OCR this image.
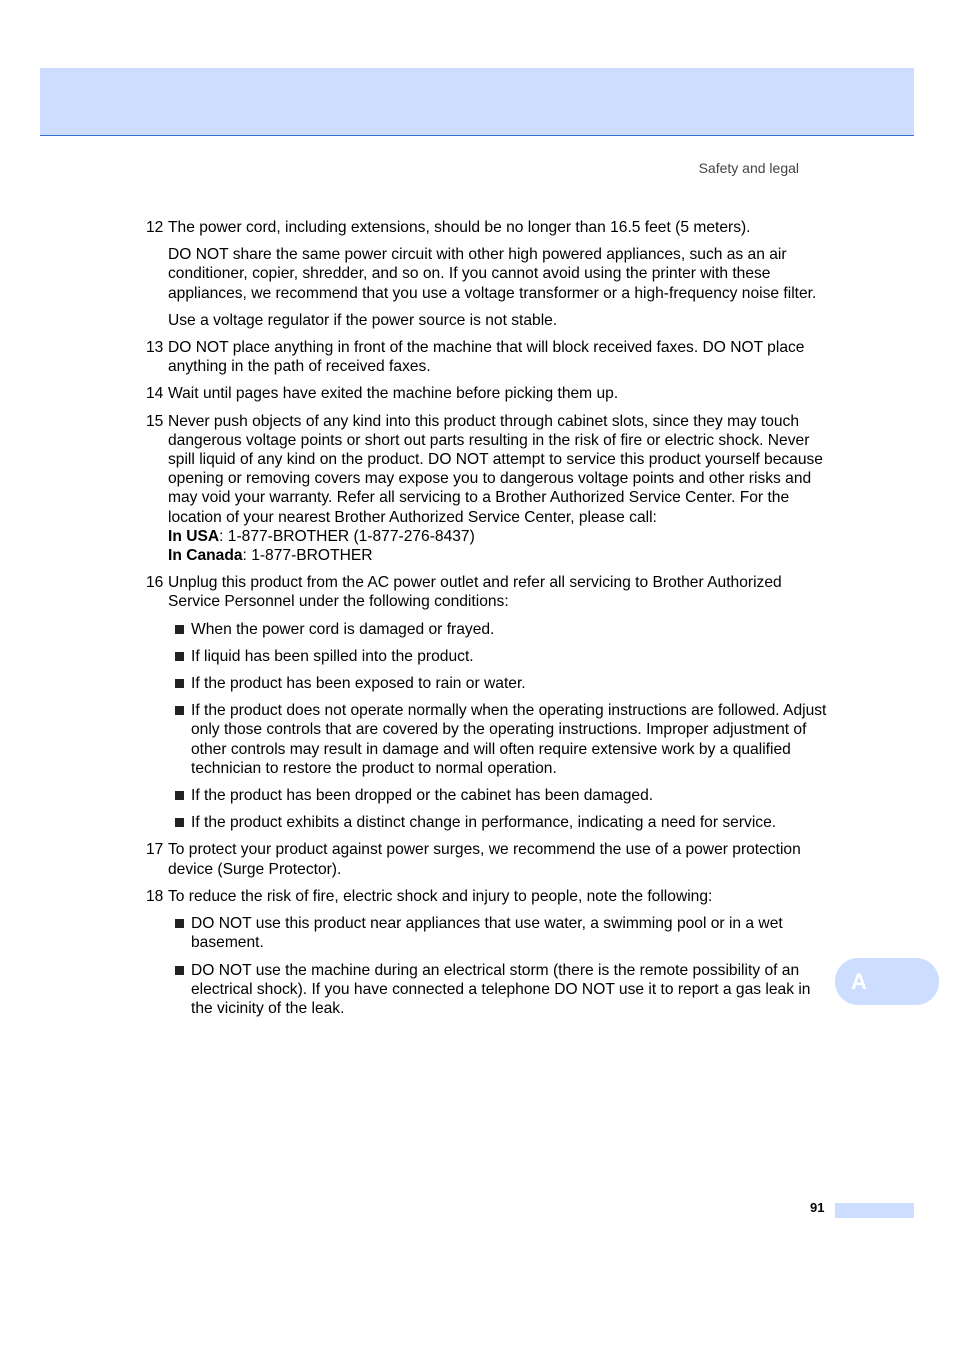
Safety and legal
12 The power cord, including extensions, should be no longer than 16.5 feet (5 meters).

DO NOT share the same power circuit with other high powered appliances, such as an air conditioner, copier, shredder, and so on. If you cannot avoid using the printer with these appliances, we recommend that you use a voltage transformer or a high-frequency noise filter.

Use a voltage regulator if the power source is not stable.

13 DO NOT place anything in front of the machine that will block received faxes. DO NOT place anything in the path of received faxes.

14 Wait until pages have exited the machine before picking them up.

15 Never push objects of any kind into this product through cabinet slots, since they may touch dangerous voltage points or short out parts resulting in the risk of fire or electric shock. Never spill liquid of any kind on the product. DO NOT attempt to service this product yourself because opening or removing covers may expose you to dangerous voltage points and other risks and may void your warranty. Refer all servicing to a Brother Authorized Service Center. For the location of your nearest Brother Authorized Service Center, please call:
In USA: 1-877-BROTHER (1-877-276-8437)
In Canada: 1-877-BROTHER

16 Unplug this product from the AC power outlet and refer all servicing to Brother Authorized Service Personnel under the following conditions:

When the power cord is damaged or frayed.
If liquid has been spilled into the product.
If the product has been exposed to rain or water.
If the product does not operate normally when the operating instructions are followed. Adjust only those controls that are covered by the operating instructions. Improper adjustment of other controls may result in damage and will often require extensive work by a qualified technician to restore the product to normal operation.
If the product has been dropped or the cabinet has been damaged.
If the product exhibits a distinct change in performance, indicating a need for service.
17 To protect your product against power surges, we recommend the use of a power protection device (Surge Protector).

18 To reduce the risk of fire, electric shock and injury to people, note the following:

DO NOT use this product near appliances that use water, a swimming pool or in a wet basement.
DO NOT use the machine during an electrical storm (there is the remote possibility of an electrical shock). If you have connected a telephone DO NOT use it to report a gas leak in the vicinity of the leak.
A
91
